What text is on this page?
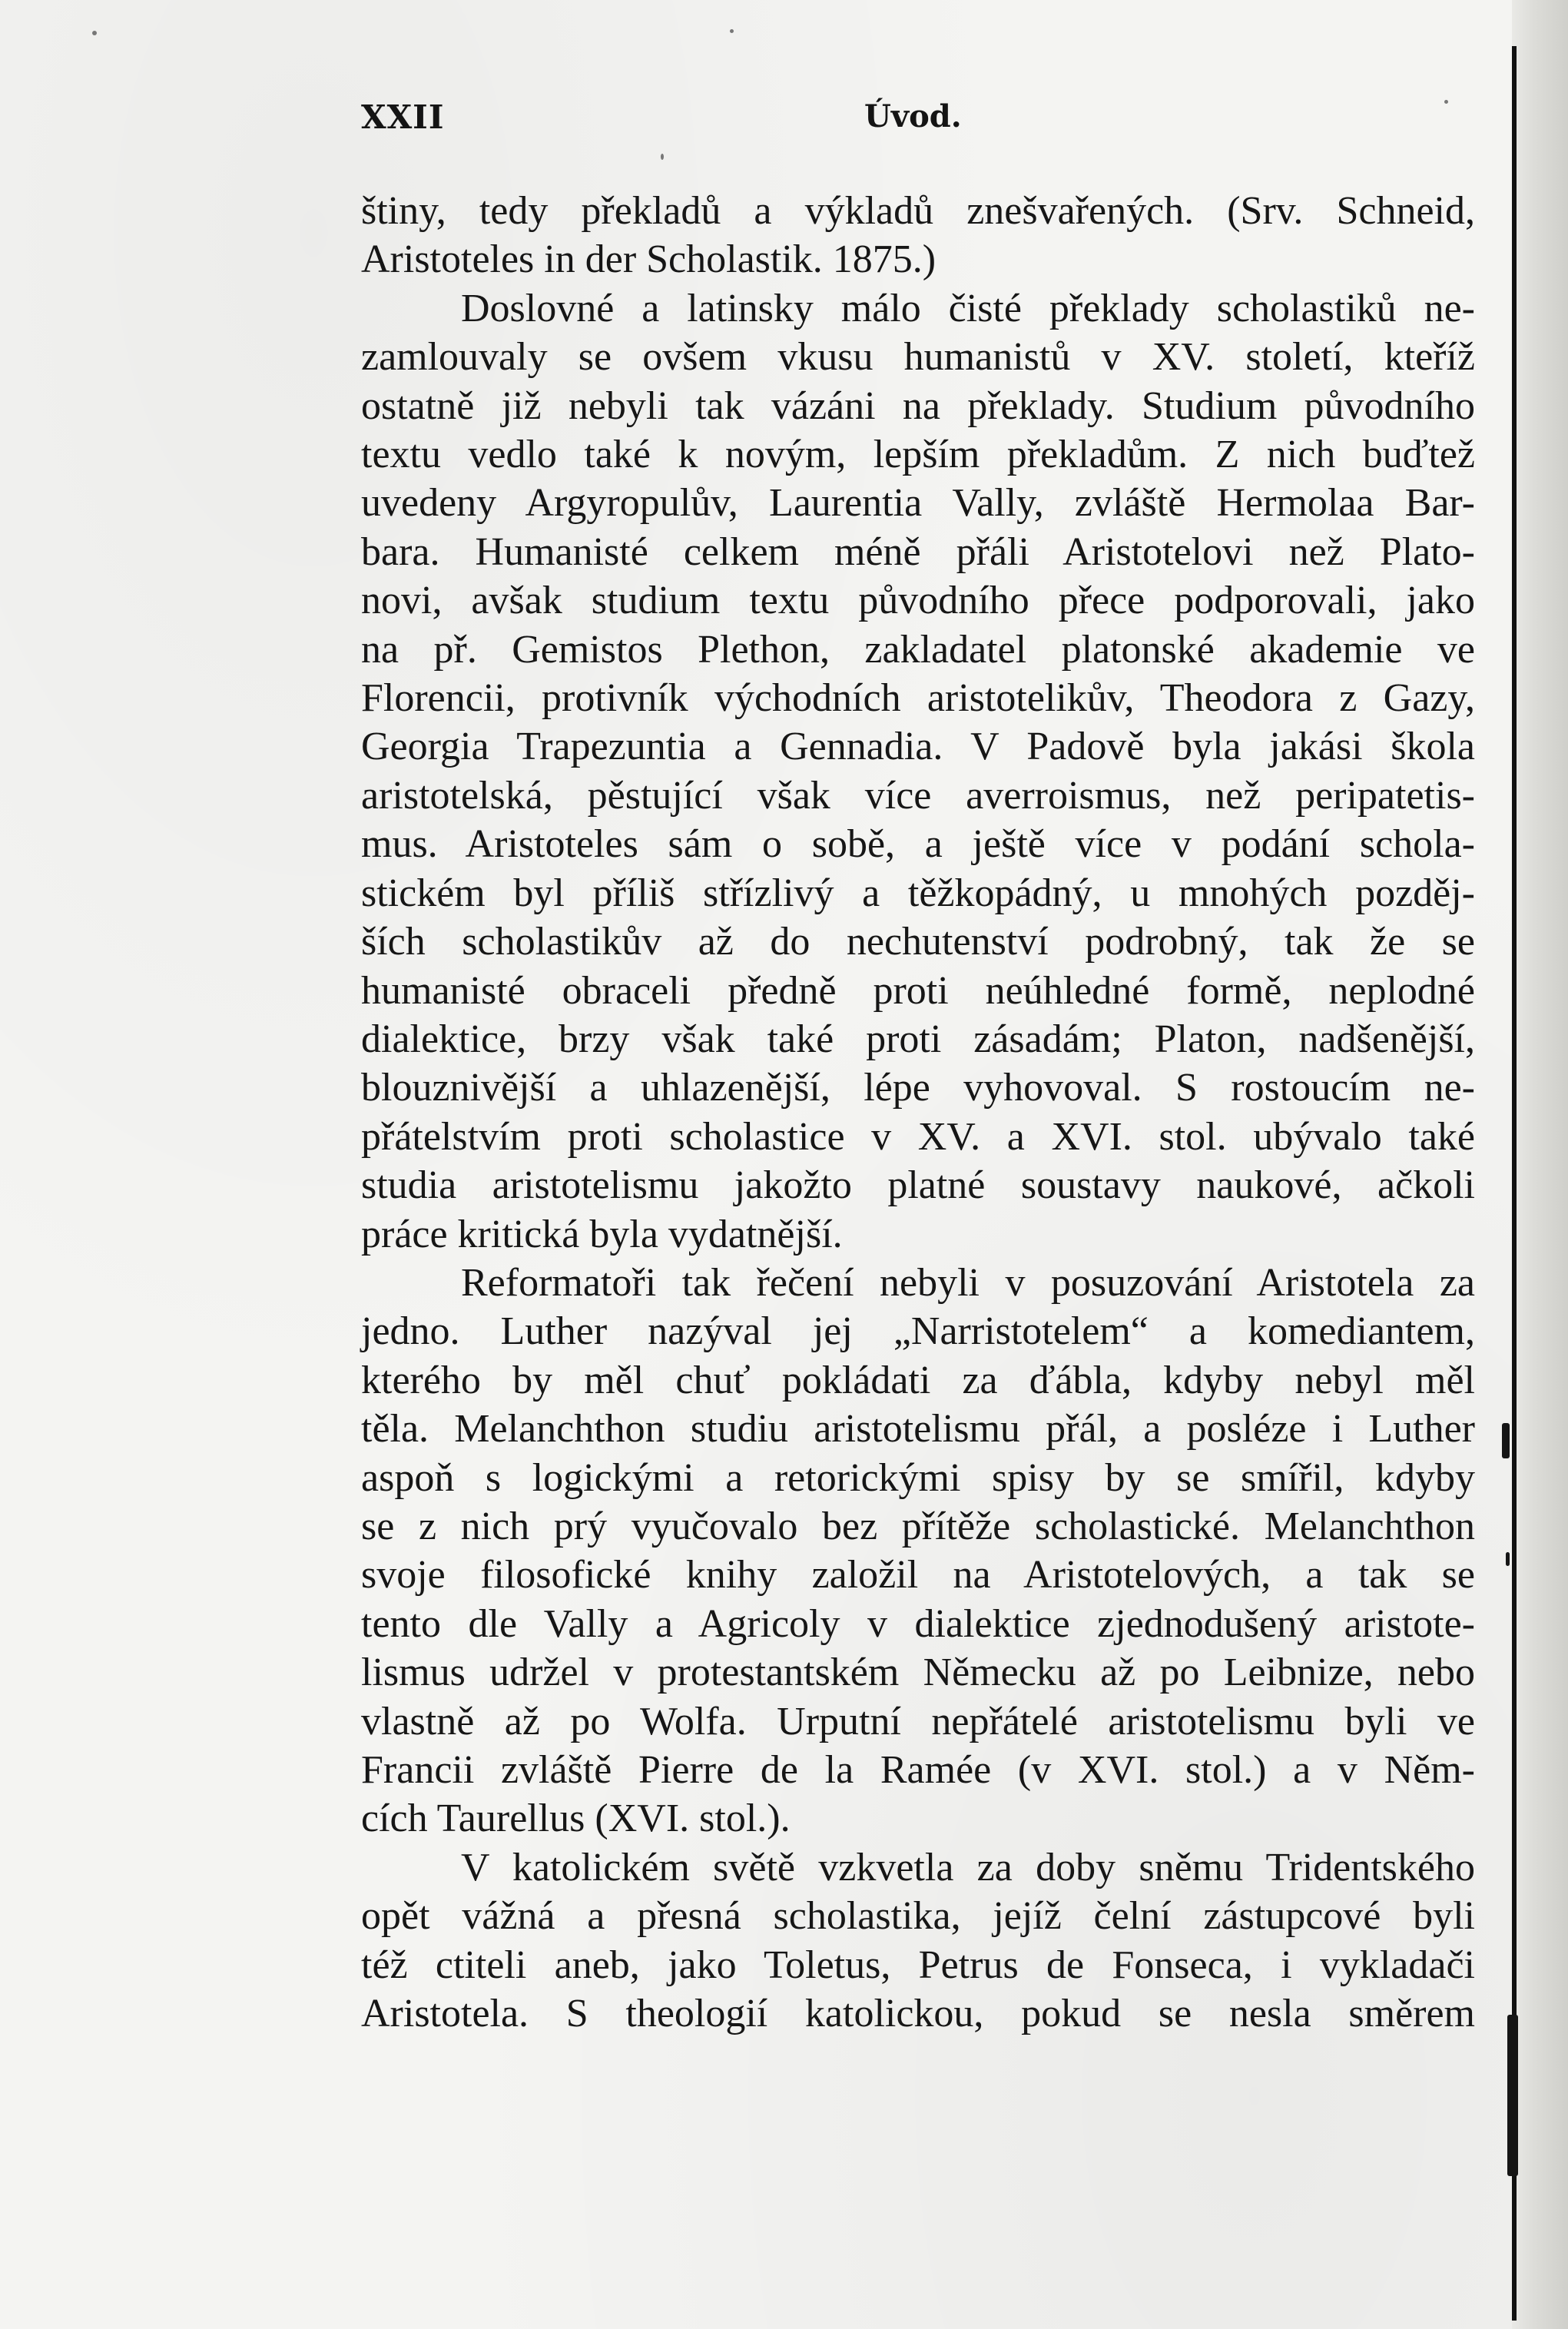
XXII	Úvod.

štiny, tedy překladů a výkladů znešvařených. (Srv. Schneid,
Aristoteles in der Scholastik. 1875.)

Doslovné a latinsky málo čisté překlady scholastiků ne-
zamlouvaly se ovšem vkusu humanistů v XV. století, kteříž
ostatně již nebyli tak vázáni na překlady. Studium původního
textu vedlo také k novým, lepším překladům. Z nich buďtež
uvedeny Argyropulův, Laurentia Vally, zvláště Hermolaa Bar-
bara. Humanisté celkem méně přáli Aristotelovi než Plato-
novi, avšak studium textu původního přece podporovali, jako
na př. Gemistos Plethon, zakladatel platonské akademie ve
Florencii, protivník východních aristotelikův, Theodora z Gazy,
Georgia Trapezuntia a Gennadia. V Padově byla jakási škola
aristotelská, pěstující však více averroismus, než peripatetis-
mus. Aristoteles sám o sobě, a ještě více v podání schola-
stickém byl příliš střízlivý a těžkopádný, u mnohých pozděj-
ších scholastikův až do nechutenství podrobný, tak že se
humanisté obraceli předně proti neúhledné formě, neplodné
dialektice, brzy však také proti zásadám; Platon, nadšenější,
blouznivější a uhlazenější, lépe vyhovoval. S rostoucím ne-
přátelstvím proti scholastice v XV. a XVI. stol. ubývalo také
studia aristotelismu jakožto platné soustavy naukové, ačkoli
práce kritická byla vydatnější.

Reformatoři tak řečení nebyli v posuzování Aristotela za
jedno. Luther nazýval jej „Narristotelem“ a komediantem,
kterého by měl chuť pokládati za ďábla, kdyby nebyl měl
těla. Melanchthon studiu aristotelismu přál, a posléze i Luther
aspoň s logickými a retorickými spisy by se smířil, kdyby
se z nich prý vyučovalo bez přítěže scholastické. Melanchthon
svoje filosofické knihy založil na Aristotelových, a tak se
tento dle Vally a Agricoly v dialektice zjednodušený aristote-
lismus udržel v protestantském Německu až po Leibnize, nebo
vlastně až po Wolfa. Urputní nepřátelé aristotelismu byli ve
Francii zvláště Pierre de la Ramée (v XVI. stol.) a v Něm-
cích Taurellus (XVI. stol.).

V katolickém světě vzkvetla za doby sněmu Tridentského
opět vážná a přesná scholastika, jejíž čelní zástupcové byli
též ctiteli aneb, jako Toletus, Petrus de Fonseca, i vykladači
Aristotela. S theologií katolickou, pokud se nesla směrem
